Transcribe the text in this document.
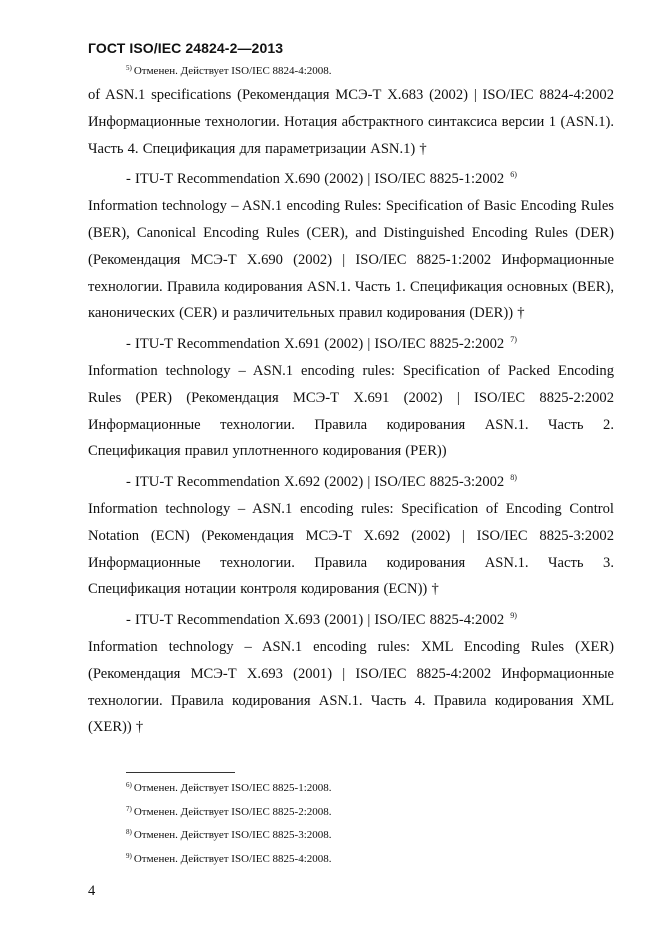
ГОСТ ISO/IEC 24824-2—2013
$^{5)}$ Отменен. Действует ISO/IEC 8824-4:2008.

of ASN.1 specifications (Рекомендация МСЭ-Т X.683 (2002) | ISO/IEC 8824-4:2002 Информационные технологии. Нотация абстрактного синтаксиса версии 1 (ASN.1). Часть 4. Спецификация для параметризации ASN.1) †

- ITU-T Recommendation X.690 (2002) | ISO/IEC 8825-1:2002 $^{6)}$

Information technology – ASN.1 encoding Rules: Specification of Basic Encoding Rules (BER), Canonical Encoding Rules (CER), and Distinguished Encoding Rules (DER) (Рекомендация МСЭ-Т X.690 (2002) | ISO/IEC 8825-1:2002 Информационные технологии. Правила кодирования ASN.1. Часть 1. Спецификация основных (BER), канонических (CER) и различительных правил кодирования (DER)) †

- ITU-T Recommendation X.691 (2002) | ISO/IEC 8825-2:2002 $^{7)}$

Information technology – ASN.1 encoding rules: Specification of Packed Encoding Rules (PER) (Рекомендация МСЭ-Т X.691 (2002) | ISO/IEC 8825-2:2002 Информационные технологии. Правила кодирования ASN.1. Часть 2. Спецификация правил уплотненного кодирования (PER))

- ITU-T Recommendation X.692 (2002) | ISO/IEC 8825-3:2002 $^{8)}$

Information technology – ASN.1 encoding rules: Specification of Encoding Control Notation (ECN) (Рекомендация МСЭ-Т X.692 (2002) | ISO/IEC 8825-3:2002 Информационные технологии. Правила кодирования ASN.1. Часть 3. Спецификация нотации контроля кодирования (ECN)) †

- ITU-T Recommendation X.693 (2001) | ISO/IEC 8825-4:2002 $^{9)}$

Information technology – ASN.1 encoding rules: XML Encoding Rules (XER) (Рекомендация МСЭ-Т X.693 (2001) | ISO/IEC 8825-4:2002 Информационные технологии. Правила кодирования ASN.1. Часть 4. Правила кодирования XML (XER)) †

$^{6)}$ Отменен. Действует ISO/IEC 8825-1:2008.
$^{7)}$ Отменен. Действует ISO/IEC 8825-2:2008.
$^{8)}$ Отменен. Действует ISO/IEC 8825-3:2008.
$^{9)}$ Отменен. Действует ISO/IEC 8825-4:2008.
4
